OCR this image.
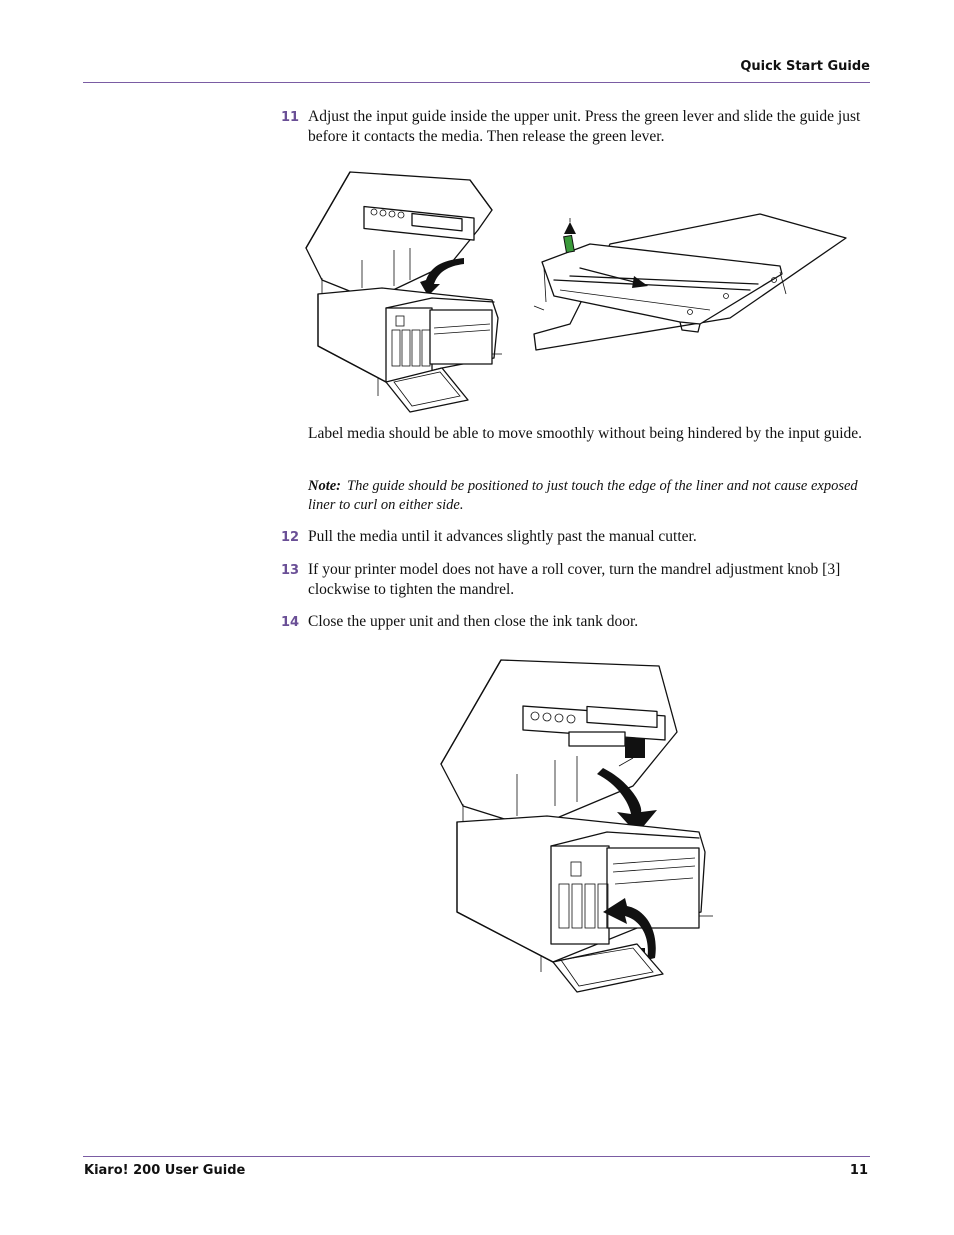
Quick Start Guide
11 Adjust the input guide inside the upper unit. Press the green lever and slide the guide just before it contacts the media. Then release the green lever.
Label media should be able to move smoothly without being hindered by the input guide.
Note: The guide should be positioned to just touch the edge of the liner and not cause exposed liner to curl on either side.
12 Pull the media until it advances slightly past the manual cutter.
13 If your printer model does not have a roll cover, turn the mandrel adjustment knob [3] clockwise to tighten the mandrel.
14 Close the upper unit and then close the ink tank door.
Kiaro! 200 User Guide	11
